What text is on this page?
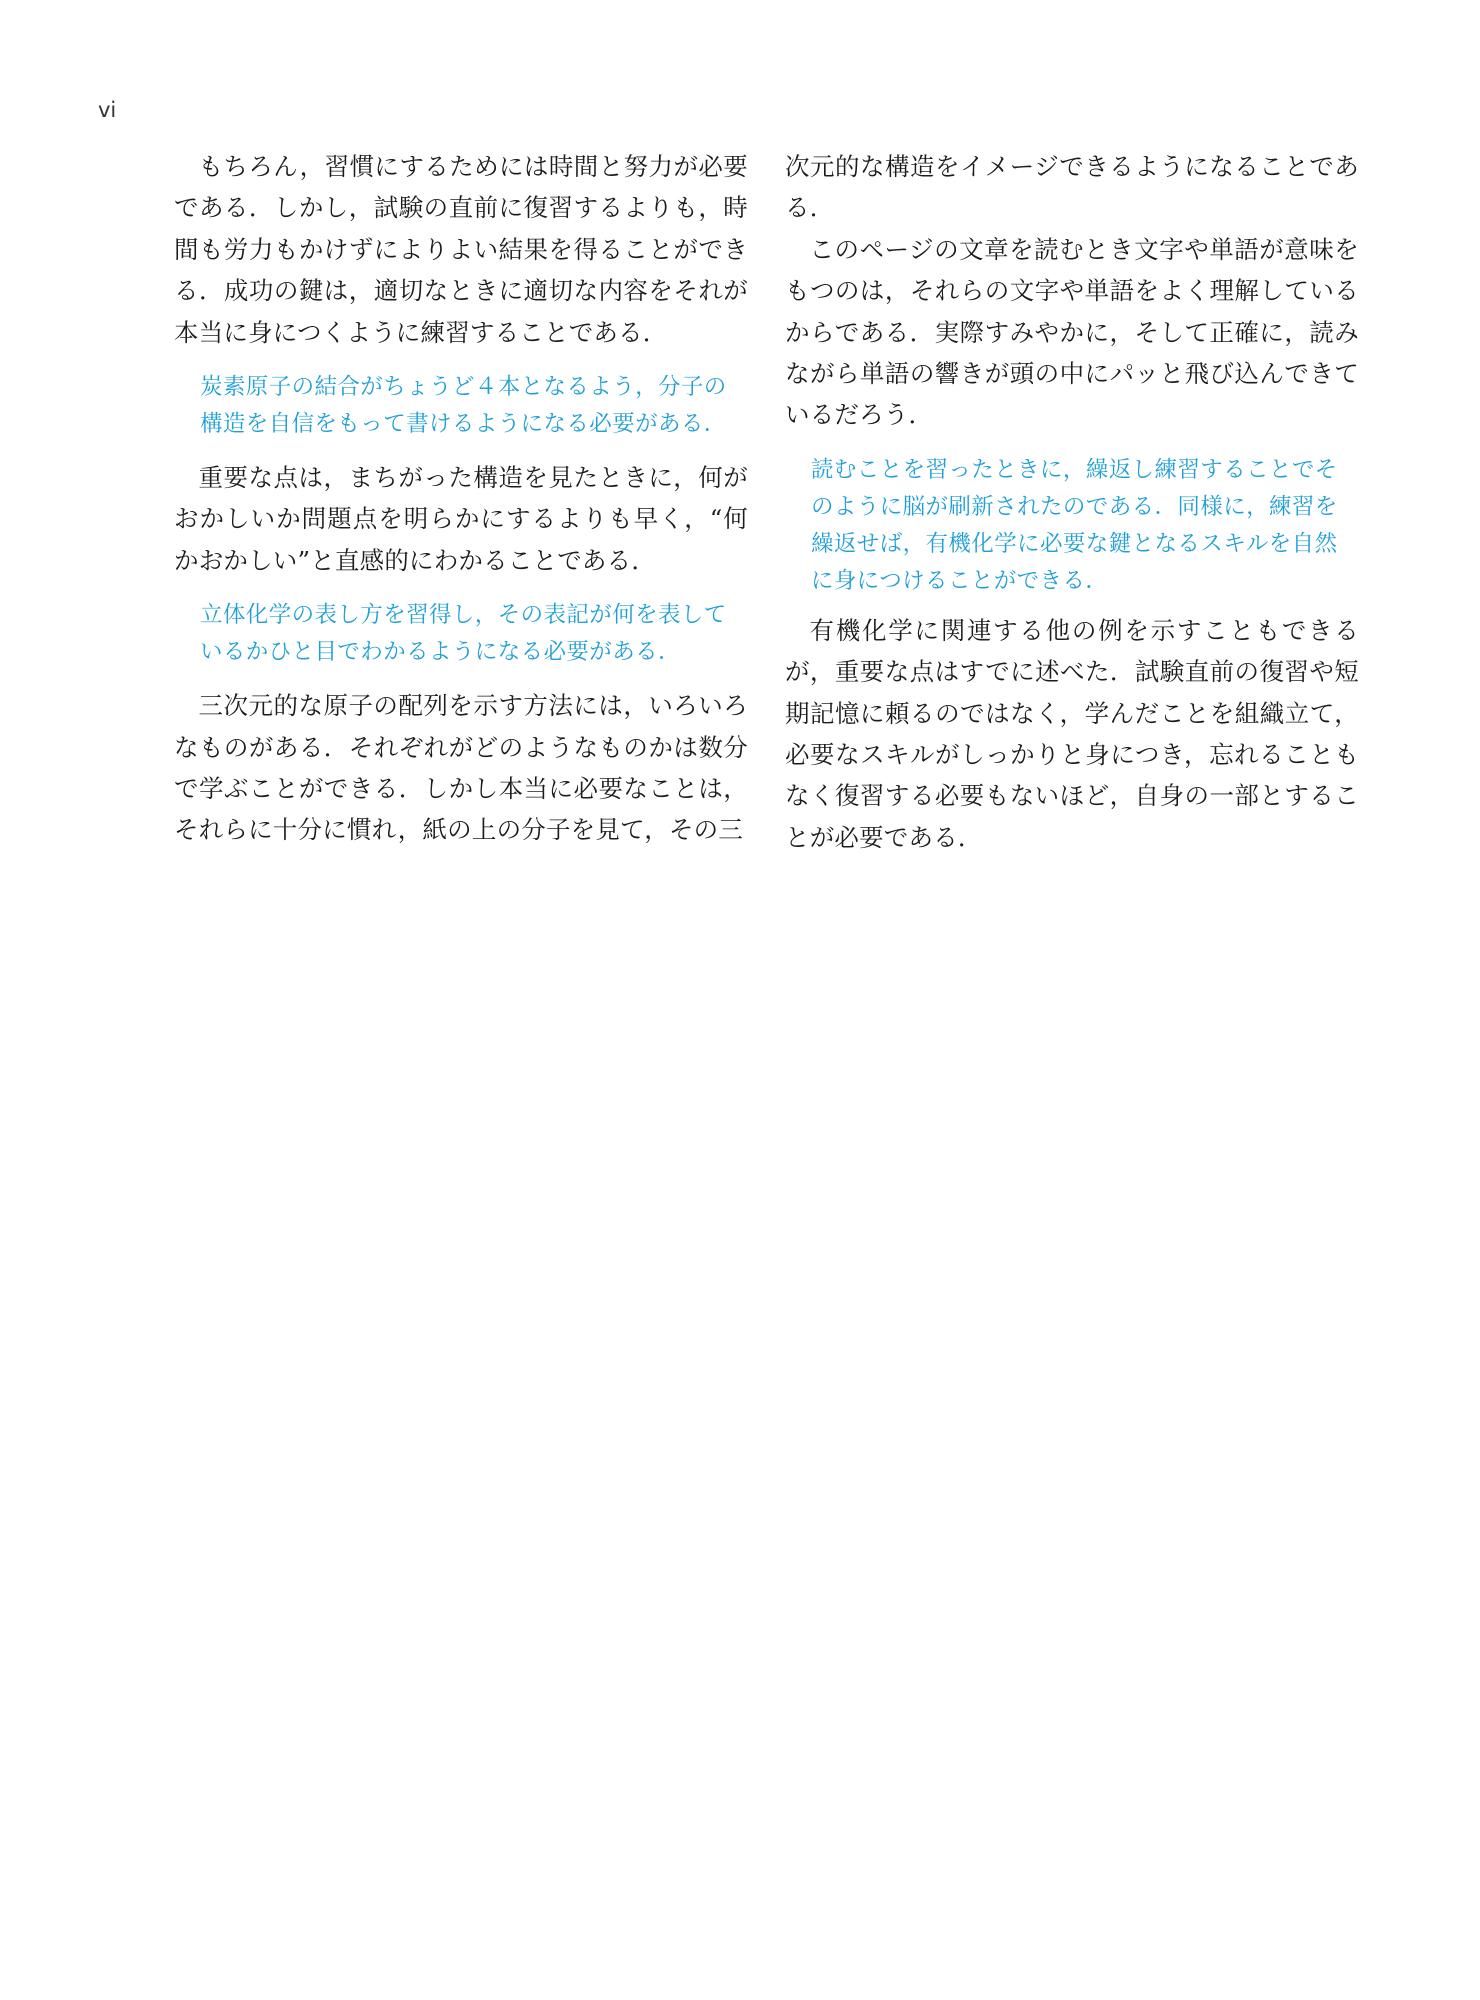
vi

もちろん，習慣にするためには時間と努力が必要である．しかし，試験の直前に復習するよりも，時間も労力もかけずによりよい結果を得ることができる．成功の鍵は，適切なときに適切な内容をそれが本当に身につくように練習することである．

炭素原子の結合がちょうど４本となるよう，分子の構造を自信をもって書けるようになる必要がある．

重要な点は，まちがった構造を見たときに，何がおかしいか問題点を明らかにするよりも早く，“何かおかしい”と直感的にわかることである．

立体化学の表し方を習得し，その表記が何を表しているかひと目でわかるようになる必要がある．

三次元的な原子の配列を示す方法には，いろいろなものがある．それぞれがどのようなものかは数分で学ぶことができる．しかし本当に必要なことは，それらに十分に慣れ，紙の上の分子を見て，その三

次元的な構造をイメージできるようになることである．

このページの文章を読むとき文字や単語が意味をもつのは，それらの文字や単語をよく理解しているからである．実際すみやかに，そして正確に，読みながら単語の響きが頭の中にパッと飛び込んできているだろう．

読むことを習ったときに，繰返し練習することでそのように脳が刷新されたのである．同様に，練習を繰返せば，有機化学に必要な鍵となるスキルを自然に身につけることができる．

有機化学に関連する他の例を示すこともできるが，重要な点はすでに述べた．試験直前の復習や短期記憶に頼るのではなく，学んだことを組織立て，必要なスキルがしっかりと身につき，忘れることもなく復習する必要もないほど，自身の一部とすることが必要である．
